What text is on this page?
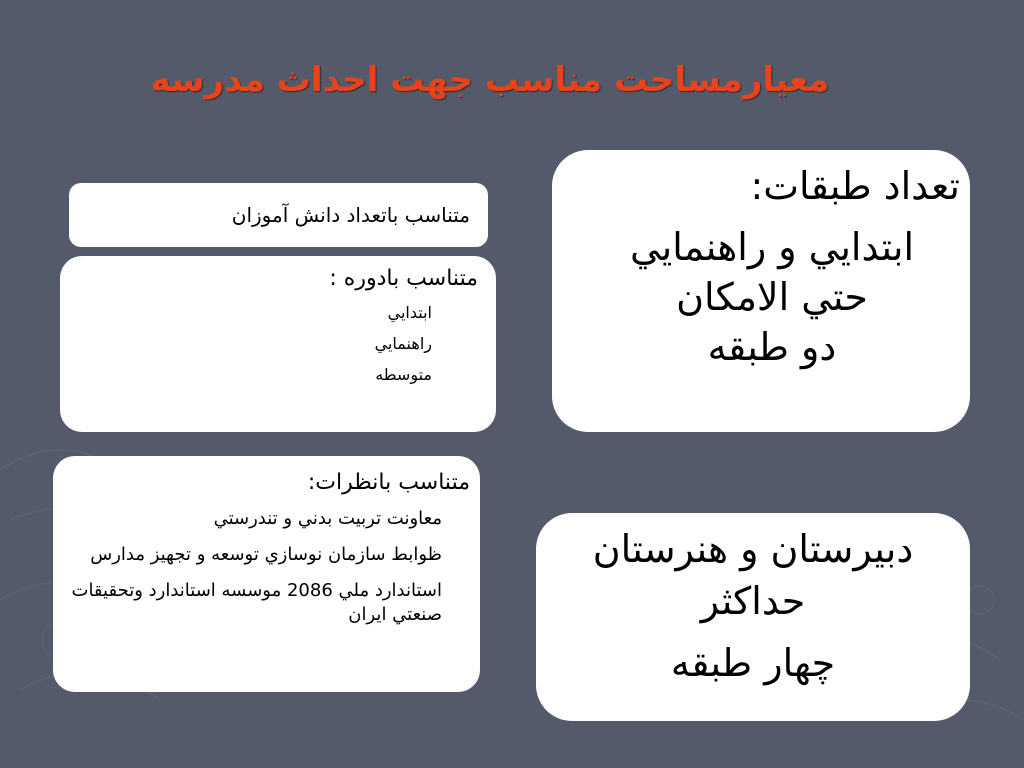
معيارمساحت مناسب جهت احداث مدرسه
متناسب باتعداد دانش آموزان
متناسب بادوره :
ابتدايي
راهنمايي
متوسطه
متناسب بانظرات:
معاونت تربيت بدني و تندرستي
ظوابط سازمان نوسازي توسعه و تجهيز مدارس
استاندارد ملي 2086 موسسه استاندارد وتحقيقات صنعتي ايران
تعداد طبقات:
ابتدايي و راهنمايي
حتي الامكان
دو طبقه
دبيرستان و هنرستان
حداكثر
چهار طبقه
